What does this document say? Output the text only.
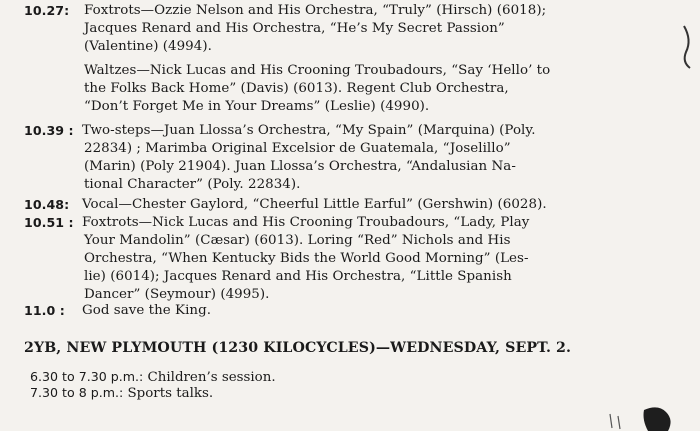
10.27: Foxtrots—Ozzie Nelson and His Orchestra, “Truly” (Hirsch) (6018);
Jacques Renard and His Orchestra, “He’s My Secret Passion”
(Valentine) (4994).
Waltzes—Nick Lucas and His Crooning Troubadours, “Say ‘Hello’ to
the Folks Back Home” (Davis) (6013). Regent Club Orchestra,
“Don’t Forget Me in Your Dreams” (Leslie) (4990).
10.39 : Two-steps—Juan Llossa’s Orchestra, “My Spain” (Marquina) (Poly.
22834) ; Marimba Original Excelsior de Guatemala, “Joselillo”
(Marin) (Poly 21904). Juan Llossa’s Orchestra, “Andalusian Na-
tional Character” (Poly. 22834).
10.48: Vocal—Chester Gaylord, “Cheerful Little Earful” (Gershwin) (6028).
10.51 : Foxtrots—Nick Lucas and His Crooning Troubadours, “Lady, Play
Your Mandolin” (Cæsar) (6013). Loring “Red” Nichols and His
Orchestra, “When Kentucky Bids the World Good Morning” (Les-
lie) (6014); Jacques Renard and His Orchestra, “Little Spanish
Dancer” (Seymour) (4995).
11.0 : God save the King.
2YB, NEW PLYMOUTH (1230 KILOCYCLES)—WEDNESDAY, SEPT. 2.
6.30 to 7.30 p.m.: Children’s session.
7.30 to 8 p.m.: Sports talks.
